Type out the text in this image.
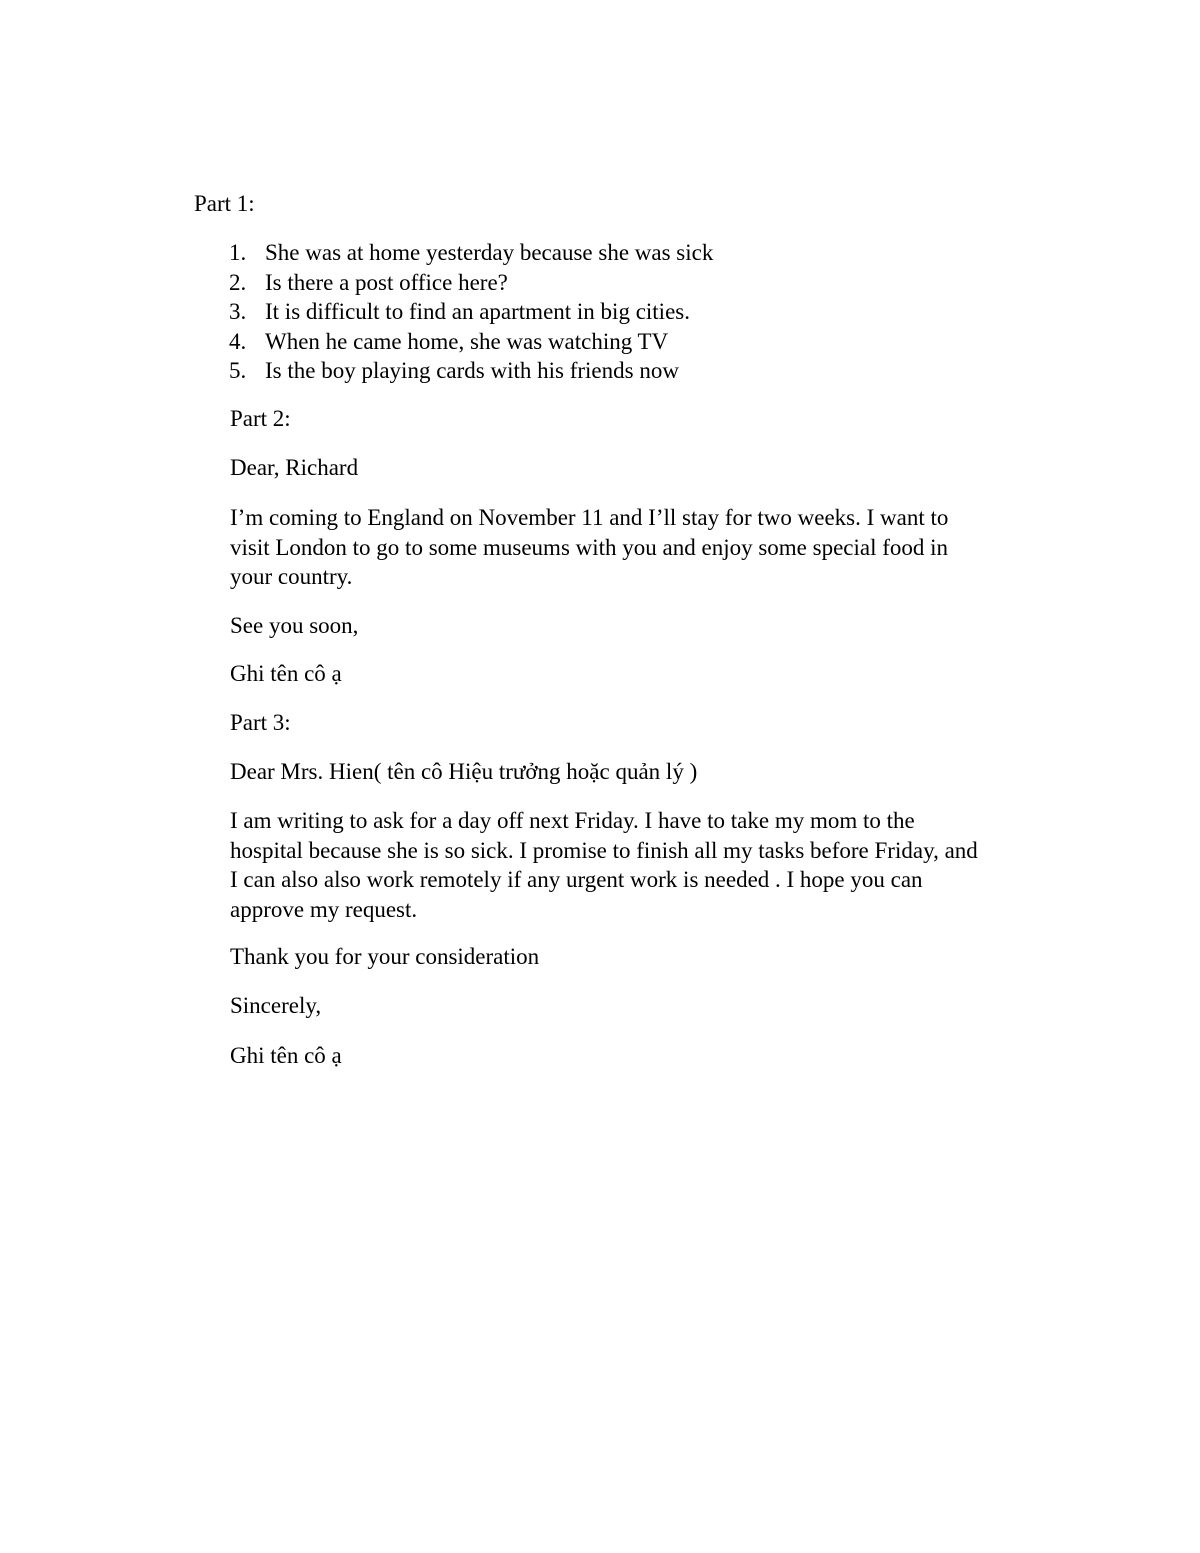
Part 1:

1. She was at home yesterday because she was sick
2. Is there a post office here?
3. It is difficult to find an apartment in big cities.
4. When he came home, she was watching TV
5. Is the boy playing cards with his friends now

Part 2:

Dear, Richard

I’m coming to England on November 11 and I’ll stay for two weeks. I want to
visit London to go to some museums with you and enjoy some special food in
your country.

See you soon,

Ghi tên cô ạ

Part 3:

Dear Mrs. Hien( tên cô Hiệu trưởng hoặc quản lý )

I am writing to ask for a day off next Friday. I have to take my mom to the
hospital because she is so sick. I promise to finish all my tasks before Friday, and
I can also also work remotely if any urgent work is needed . I hope you can
approve my request.

Thank you for your consideration

Sincerely,

Ghi tên cô ạ
